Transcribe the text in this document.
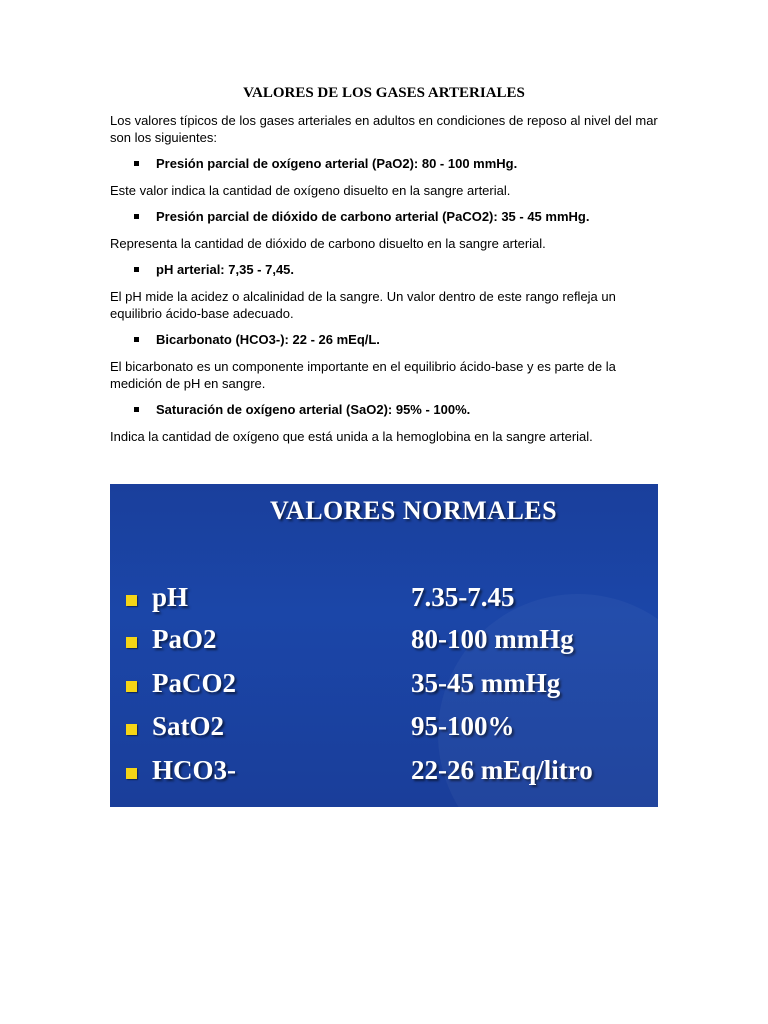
VALORES DE LOS GASES ARTERIALES

Los valores típicos de los gases arteriales en adultos en condiciones de reposo al nivel del mar son los siguientes:

Presión parcial de oxígeno arterial (PaO2): 80 - 100 mmHg.

Este valor indica la cantidad de oxígeno disuelto en la sangre arterial.

Presión parcial de dióxido de carbono arterial (PaCO2): 35 - 45 mmHg.

Representa la cantidad de dióxido de carbono disuelto en la sangre arterial.

pH arterial: 7,35 - 7,45.

El pH mide la acidez o alcalinidad de la sangre. Un valor dentro de este rango refleja un equilibrio ácido-base adecuado.

Bicarbonato (HCO3-): 22 - 26 mEq/L.

El bicarbonato es un componente importante en el equilibrio ácido-base y es parte de la medición de pH en sangre.

Saturación de oxígeno arterial (SaO2): 95% - 100%.

Indica la cantidad de oxígeno que está unida a la hemoglobina en la sangre arterial.

VALORES NORMALES
pH	7.35-7.45
PaO2	80-100 mmHg
PaCO2	35-45 mmHg
SatO2	95-100%
HCO3-	22-26 mEq/litro
